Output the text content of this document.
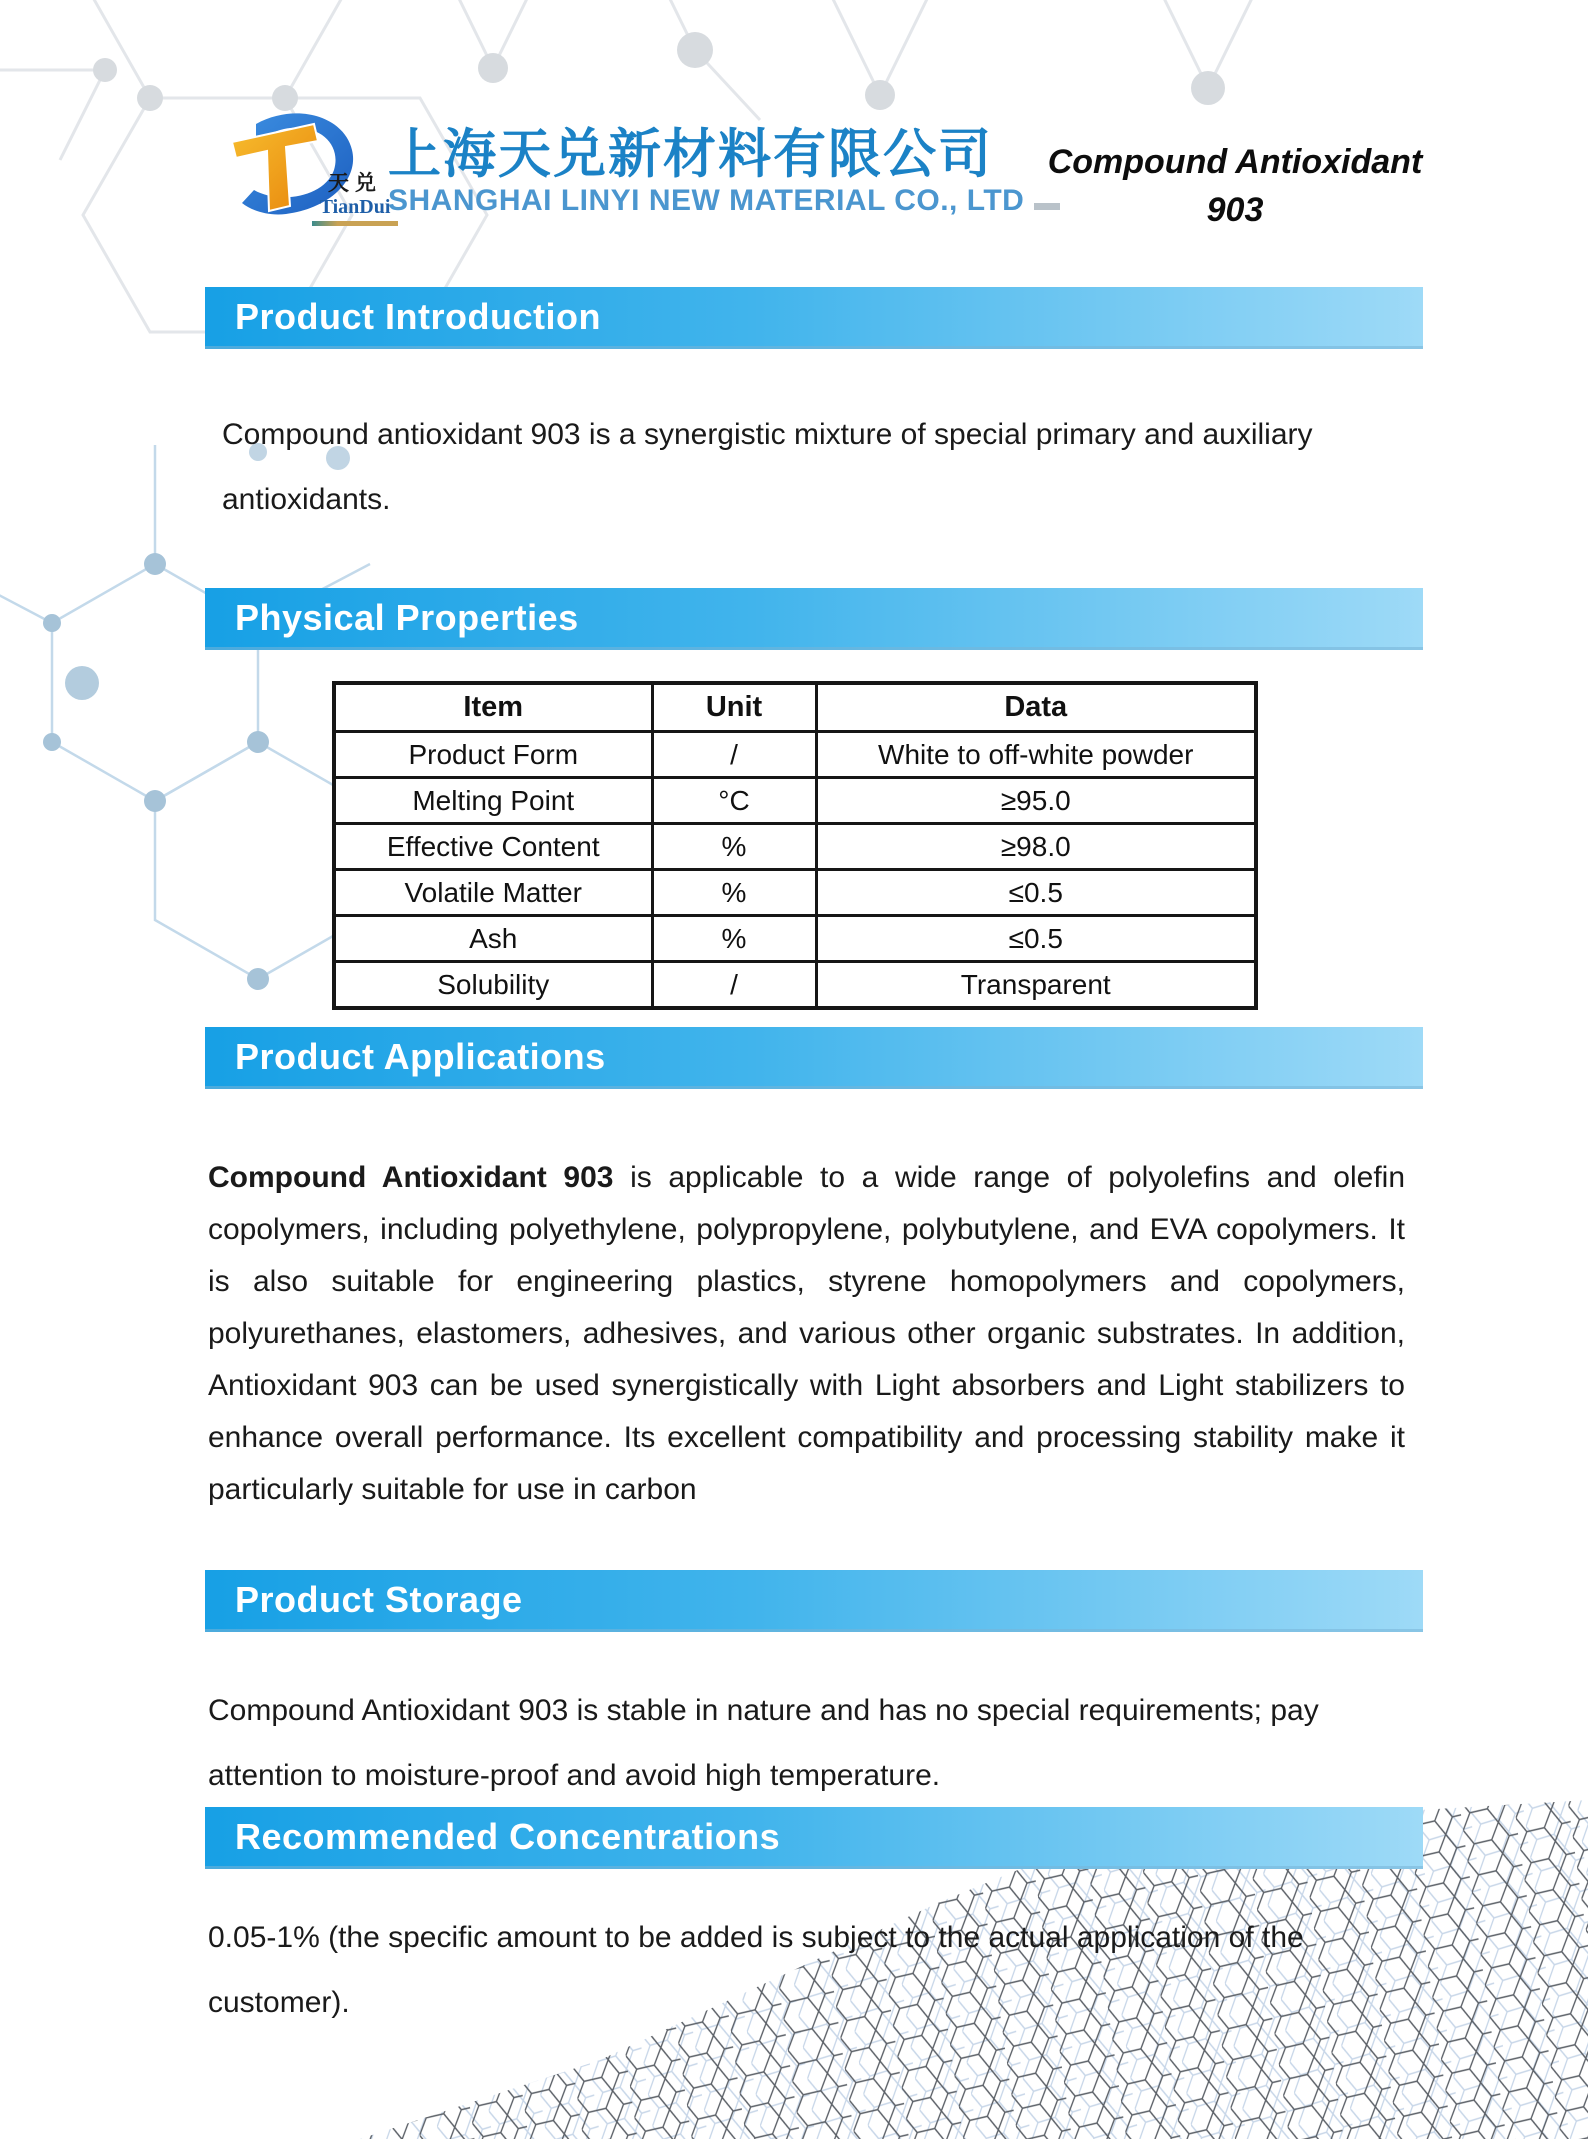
天兑
TianDui
上海天兑新材料有限公司
SHANGHAI LINYI NEW MATERIAL CO., LTD
Compound Antioxidant
903
Product Introduction
Compound antioxidant 903 is a synergistic mixture of special primary and auxiliary antioxidants.
Physical Properties
Item	Unit	Data
Product Form	/	White to off-white powder
Melting Point	°C	≥95.0
Effective Content	%	≥98.0
Volatile Matter	%	≤0.5
Ash	%	≤0.5
Solubility	/	Transparent
Product Applications
Compound Antioxidant 903 is applicable to a wide range of polyolefins and olefin copolymers, including polyethylene, polypropylene, polybutylene, and EVA copolymers. It is also suitable for engineering plastics, styrene homopolymers and copolymers, polyurethanes, elastomers, adhesives, and various other organic substrates. In addition, Antioxidant 903 can be used synergistically with Light absorbers and Light stabilizers to enhance overall performance. Its excellent compatibility and processing stability make it particularly suitable for use in carbon
Product Storage
Compound Antioxidant 903 is stable in nature and has no special requirements; pay attention to moisture-proof and avoid high temperature.
Recommended Concentrations
0.05-1% (the specific amount to be added is subject to the actual application of the customer).
